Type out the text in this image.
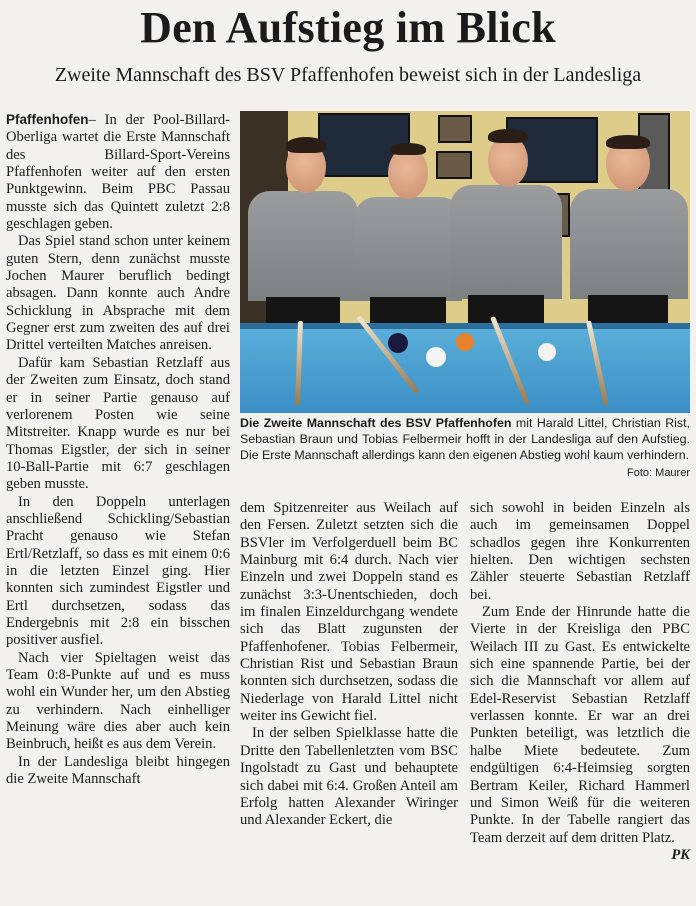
Den Aufstieg im Blick
Zweite Mannschaft des BSV Pfaffenhofen beweist sich in der Landesliga

Pfaffenhofen– In der Pool-Billard-Oberliga wartet die Erste Mannschaft des Billard-Sport-Vereins Pfaffenhofen weiter auf den ersten Punktgewinn. Beim PBC Passau musste sich das Quintett zuletzt 2:8 geschlagen geben.

Das Spiel stand schon unter keinem guten Stern, denn zunächst musste Jochen Maurer beruflich bedingt absagen. Dann konnte auch Andre Schicklung in Absprache mit dem Gegner erst zum zweiten des auf drei Drittel verteilten Matches anreisen.

Dafür kam Sebastian Retzlaff aus der Zweiten zum Einsatz, doch stand er in seiner Partie genauso auf verlorenem Posten wie seine Mitstreiter. Knapp wurde es nur bei Thomas Eigstler, der sich in seiner 10-Ball-Partie mit 6:7 geschlagen geben musste.

In den Doppeln unterlagen anschließend Schickling/Sebastian Pracht genauso wie Stefan Ertl/Retzlaff, so dass es mit einem 0:6 in die letzten Einzel ging. Hier konnten sich zumindest Eigstler und Ertl durchsetzen, sodass das Endergebnis mit 2:8 ein bisschen positiver ausfiel.

Nach vier Spieltagen weist das Team 0:8-Punkte auf und es muss wohl ein Wunder her, um den Abstieg zu verhindern. Nach einhelliger Meinung wäre dies aber auch kein Beinbruch, heißt es aus dem Verein.

In der Landesliga bleibt hingegen die Zweite Mannschaft

Die Zweite Mannschaft des BSV Pfaffenhofen mit Harald Littel, Christian Rist, Sebastian Braun und Tobias Felbermeir hofft in der Landesliga auf den Aufstieg. Die Erste Mannschaft allerdings kann den eigenen Abstieg wohl kaum verhindern.
Foto: Maurer

dem Spitzenreiter aus Weilach auf den Fersen. Zuletzt setzten sich die BSVler im Verfolgerduell beim BC Mainburg mit 6:4 durch. Nach vier Einzeln und zwei Doppeln stand es zunächst 3:3-Unentschieden, doch im finalen Einzeldurchgang wendete sich das Blatt zugunsten der Pfaffenhofener. Tobias Felbermeir, Christian Rist und Sebastian Braun konnten sich durchsetzen, sodass die Niederlage von Harald Littel nicht weiter ins Gewicht fiel.

In der selben Spielklasse hatte die Dritte den Tabellenletzten vom BSC Ingolstadt zu Gast und behauptete sich dabei mit 6:4. Großen Anteil am Erfolg hatten Alexander Wiringer und Alexander Eckert, die

sich sowohl in beiden Einzeln als auch im gemeinsamen Doppel schadlos gegen ihre Konkurrenten hielten. Den wichtigen sechsten Zähler steuerte Sebastian Retzlaff bei.

Zum Ende der Hinrunde hatte die Vierte in der Kreisliga den PBC Weilach III zu Gast. Es entwickelte sich eine spannende Partie, bei der sich die Mannschaft vor allem auf Edel-Reservist Sebastian Retzlaff verlassen konnte. Er war an drei Punkten beteiligt, was letztlich die halbe Miete bedeutete. Zum endgültigen 6:4-Heimsieg sorgten Bertram Keiler, Richard Hammerl und Simon Weiß für die weiteren Punkte. In der Tabelle rangiert das Team derzeit auf dem dritten Platz.

PK
